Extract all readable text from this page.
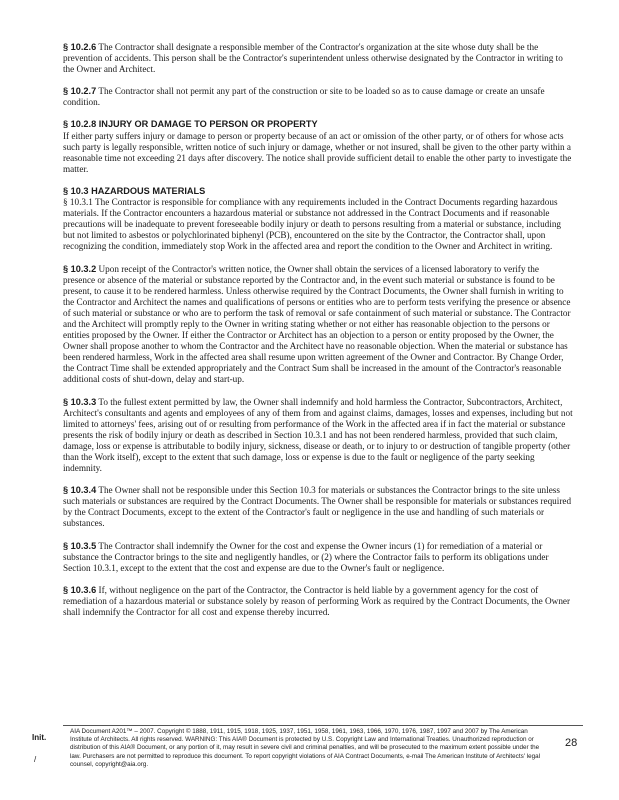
§ 10.2.6 The Contractor shall designate a responsible member of the Contractor's organization at the site whose duty shall be the prevention of accidents. This person shall be the Contractor's superintendent unless otherwise designated by the Contractor in writing to the Owner and Architect.

§ 10.2.7 The Contractor shall not permit any part of the construction or site to be loaded so as to cause damage or create an unsafe condition.

§ 10.2.8 INJURY OR DAMAGE TO PERSON OR PROPERTY
If either party suffers injury or damage to person or property because of an act or omission of the other party, or of others for whose acts such party is legally responsible, written notice of such injury or damage, whether or not insured, shall be given to the other party within a reasonable time not exceeding 21 days after discovery. The notice shall provide sufficient detail to enable the other party to investigate the matter.

§ 10.3 HAZARDOUS MATERIALS
§ 10.3.1 The Contractor is responsible for compliance with any requirements included in the Contract Documents regarding hazardous materials. If the Contractor encounters a hazardous material or substance not addressed in the Contract Documents and if reasonable precautions will be inadequate to prevent foreseeable bodily injury or death to persons resulting from a material or substance, including but not limited to asbestos or polychlorinated biphenyl (PCB), encountered on the site by the Contractor, the Contractor shall, upon recognizing the condition, immediately stop Work in the affected area and report the condition to the Owner and Architect in writing.

§ 10.3.2 Upon receipt of the Contractor's written notice, the Owner shall obtain the services of a licensed laboratory to verify the presence or absence of the material or substance reported by the Contractor and, in the event such material or substance is found to be present, to cause it to be rendered harmless. Unless otherwise required by the Contract Documents, the Owner shall furnish in writing to the Contractor and Architect the names and qualifications of persons or entities who are to perform tests verifying the presence or absence of such material or substance or who are to perform the task of removal or safe containment of such material or substance. The Contractor and the Architect will promptly reply to the Owner in writing stating whether or not either has reasonable objection to the persons or entities proposed by the Owner. If either the Contractor or Architect has an objection to a person or entity proposed by the Owner, the Owner shall propose another to whom the Contractor and the Architect have no reasonable objection. When the material or substance has been rendered harmless, Work in the affected area shall resume upon written agreement of the Owner and Contractor. By Change Order, the Contract Time shall be extended appropriately and the Contract Sum shall be increased in the amount of the Contractor's reasonable additional costs of shut-down, delay and start-up.

§ 10.3.3 To the fullest extent permitted by law, the Owner shall indemnify and hold harmless the Contractor, Subcontractors, Architect, Architect's consultants and agents and employees of any of them from and against claims, damages, losses and expenses, including but not limited to attorneys' fees, arising out of or resulting from performance of the Work in the affected area if in fact the material or substance presents the risk of bodily injury or death as described in Section 10.3.1 and has not been rendered harmless, provided that such claim, damage, loss or expense is attributable to bodily injury, sickness, disease or death, or to injury to or destruction of tangible property (other than the Work itself), except to the extent that such damage, loss or expense is due to the fault or negligence of the party seeking indemnity.

§ 10.3.4 The Owner shall not be responsible under this Section 10.3 for materials or substances the Contractor brings to the site unless such materials or substances are required by the Contract Documents. The Owner shall be responsible for materials or substances required by the Contract Documents, except to the extent of the Contractor's fault or negligence in the use and handling of such materials or substances.

§ 10.3.5 The Contractor shall indemnify the Owner for the cost and expense the Owner incurs (1) for remediation of a material or substance the Contractor brings to the site and negligently handles, or (2) where the Contractor fails to perform its obligations under Section 10.3.1, except to the extent that the cost and expense are due to the Owner's fault or negligence.

§ 10.3.6 If, without negligence on the part of the Contractor, the Contractor is held liable by a government agency for the cost of remediation of a hazardous material or substance solely by reason of performing Work as required by the Contract Documents, the Owner shall indemnify the Contractor for all cost and expense thereby incurred.

Init.
/
AIA Document A201™ – 2007. Copyright © 1888, 1911, 1915, 1918, 1925, 1937, 1951, 1958, 1961, 1963, 1966, 1970, 1976, 1987, 1997 and 2007 by The American Institute of Architects. All rights reserved. WARNING: This AIA® Document is protected by U.S. Copyright Law and International Treaties. Unauthorized reproduction or distribution of this AIA® Document, or any portion of it, may result in severe civil and criminal penalties, and will be prosecuted to the maximum extent possible under the law. Purchasers are not permitted to reproduce this document. To report copyright violations of AIA Contract Documents, e-mail The American Institute of Architects' legal counsel, copyright@aia.org.
28
